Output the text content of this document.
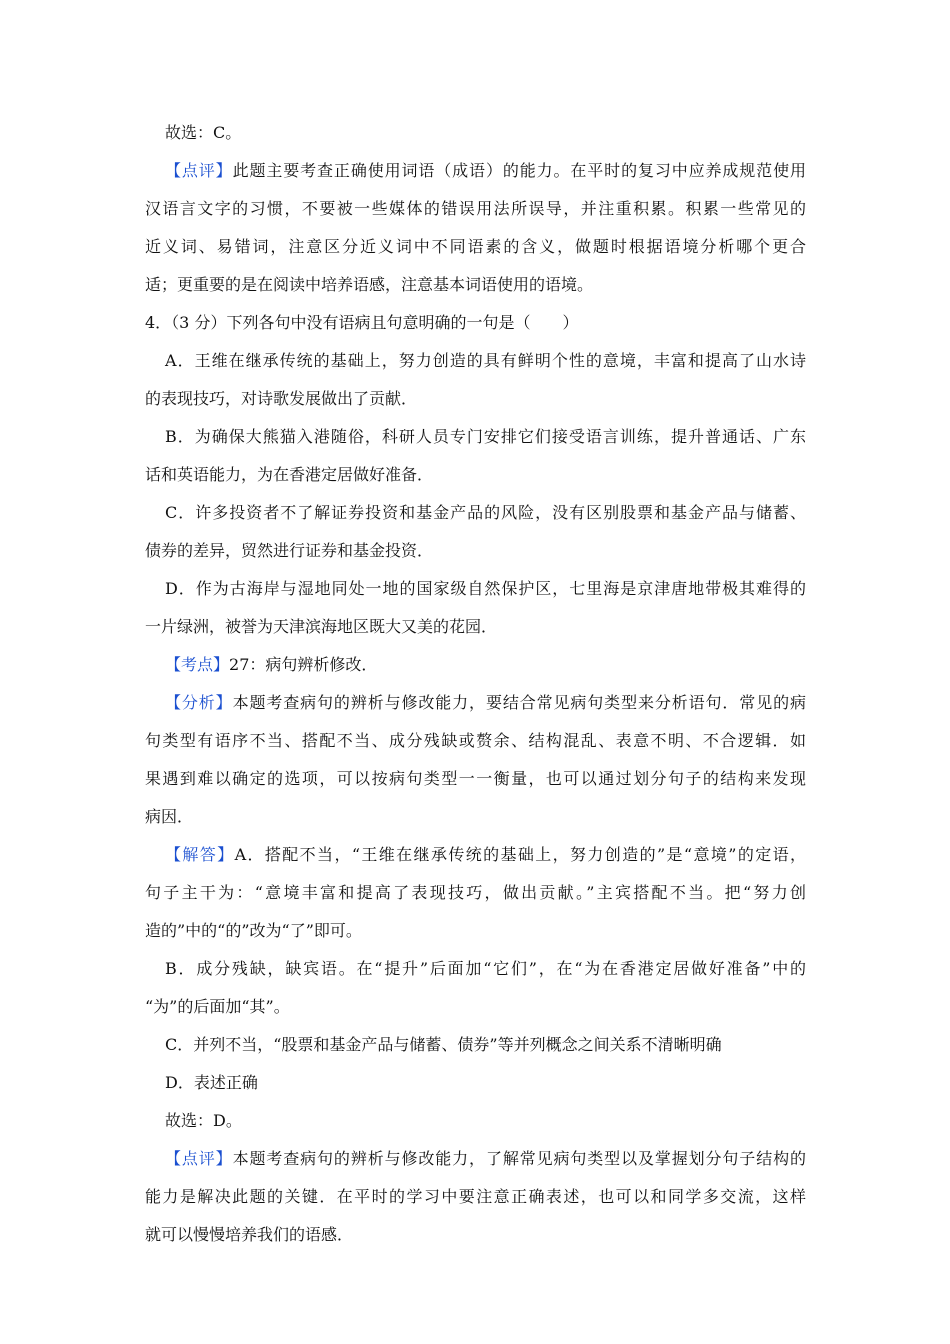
故选：C。
【点评】此题主要考查正确使用词语（成语）的能力。在平时的复习中应养成规范使用
汉语言文字的习惯，不要被一些媒体的错误用法所误导，并注重积累。积累一些常见的
近义词、易错词，注意区分近义词中不同语素的含义，做题时根据语境分析哪个更合
适；更重要的是在阅读中培养语感，注意基本词语使用的语境。
4．（3 分）下列各句中没有语病且句意明确的一句是（　　）
A．王维在继承传统的基础上，努力创造的具有鲜明个性的意境，丰富和提高了山水诗
的表现技巧，对诗歌发展做出了贡献．
B．为确保大熊猫入港随俗，科研人员专门安排它们接受语言训练，提升普通话、广东
话和英语能力，为在香港定居做好准备．
C．许多投资者不了解证券投资和基金产品的风险，没有区别股票和基金产品与储蓄、
债券的差异，贸然进行证券和基金投资．
D．作为古海岸与湿地同处一地的国家级自然保护区，七里海是京津唐地带极其难得的
一片绿洲，被誉为天津滨海地区既大又美的花园．
【考点】27：病句辨析修改．
【分析】本题考查病句的辨析与修改能力，要结合常见病句类型来分析语句．常见的病
句类型有语序不当、搭配不当、成分残缺或赘余、结构混乱、表意不明、不合逻辑．如
果遇到难以确定的选项，可以按病句类型一一衡量，也可以通过划分句子的结构来发现
病因．
【解答】A．搭配不当，“王维在继承传统的基础上，努力创造的”是“意境”的定语，
句子主干为：“意境丰富和提高了表现技巧，做出贡献。”主宾搭配不当。把“努力创
造的”中的“的”改为“了”即可。
B．成分残缺，缺宾语。在“提升”后面加“它们”，在“为在香港定居做好准备”中的
“为”的后面加“其”。
C．并列不当，“股票和基金产品与储蓄、债券”等并列概念之间关系不清晰明确
D．表述正确
故选：D。
【点评】本题考查病句的辨析与修改能力，了解常见病句类型以及掌握划分句子结构的
能力是解决此题的关键．在平时的学习中要注意正确表述，也可以和同学多交流，这样
就可以慢慢培养我们的语感．
